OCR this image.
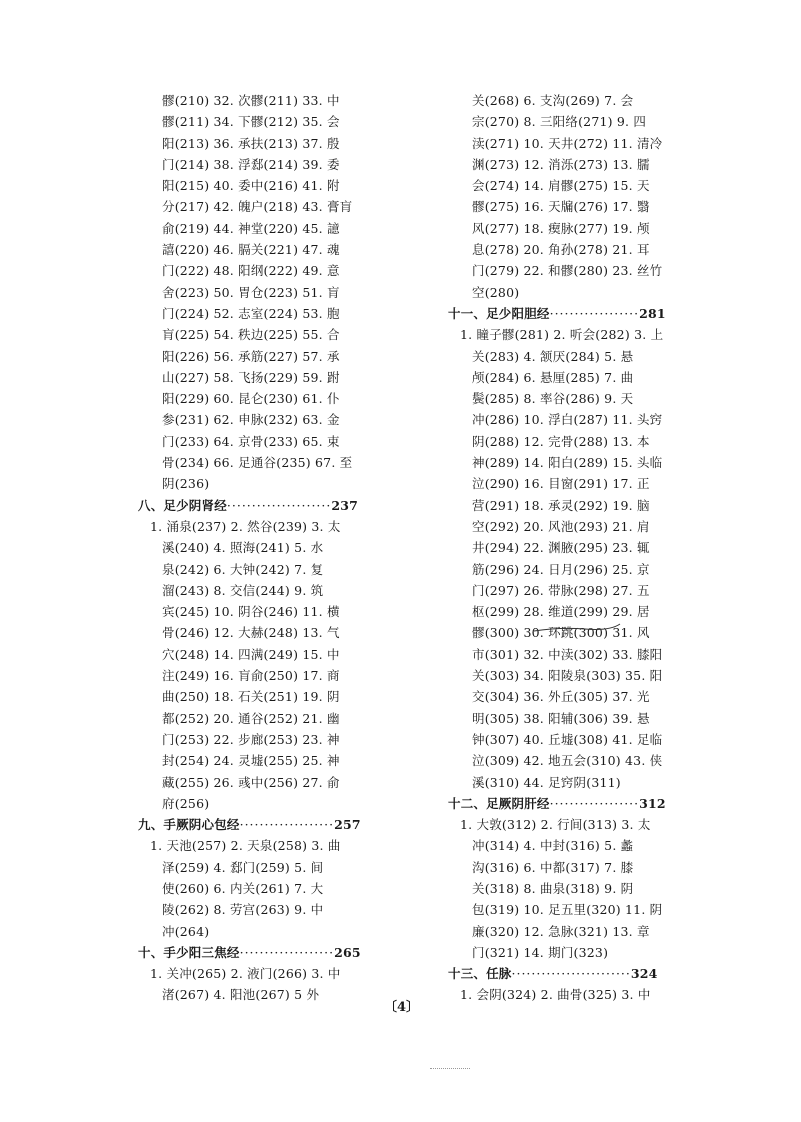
髎(210) 32. 次髎(211) 33. 中
髎(211) 34. 下髎(212) 35. 会
阳(213) 36. 承扶(213) 37. 殷
门(214) 38. 浮郄(214) 39. 委
阳(215) 40. 委中(216) 41. 附
分(217) 42. 魄户(218) 43. 膏肓
俞(219) 44. 神堂(220) 45. 譩
譆(220) 46. 膈关(221) 47. 魂
门(222) 48. 阳纲(222) 49. 意
舍(223) 50. 胃仓(223) 51. 肓
门(224) 52. 志室(224) 53. 胞
肓(225) 54. 秩边(225) 55. 合
阳(226) 56. 承筋(227) 57. 承
山(227) 58. 飞扬(229) 59. 跗
阳(229) 60. 昆仑(230) 61. 仆
参(231) 62. 申脉(232) 63. 金
门(233) 64. 京骨(233) 65. 束
骨(234) 66. 足通谷(235) 67. 至
阴(236)
八、足少阴肾经·····················237
1. 涌泉(237) 2. 然谷(239) 3. 太
溪(240) 4. 照海(241) 5. 水
泉(242) 6. 大钟(242) 7. 复
溜(243) 8. 交信(244) 9. 筑
宾(245) 10. 阴谷(246) 11. 横
骨(246) 12. 大赫(248) 13. 气
穴(248) 14. 四满(249) 15. 中
注(249) 16. 肓俞(250) 17. 商
曲(250) 18. 石关(251) 19. 阴
都(252) 20. 通谷(252) 21. 幽
门(253) 22. 步廊(253) 23. 神
封(254) 24. 灵墟(255) 25. 神
藏(255) 26. 彧中(256) 27. 俞
府(256)
九、手厥阴心包经···················257
1. 天池(257) 2. 天泉(258) 3. 曲
泽(259) 4. 郄门(259) 5. 间
使(260) 6. 内关(261) 7. 大
陵(262) 8. 劳宫(263) 9. 中
冲(264)
十、手少阳三焦经···················265
1. 关冲(265) 2. 液门(266) 3. 中
渚(267) 4. 阳池(267) 5 外
关(268) 6. 支沟(269) 7. 会
宗(270) 8. 三阳络(271) 9. 四
渎(271) 10. 天井(272) 11. 清冷
渊(273) 12. 消泺(273) 13. 臑
会(274) 14. 肩髎(275) 15. 天
髎(275) 16. 天牖(276) 17. 翳
风(277) 18. 瘈脉(277) 19. 颅
息(278) 20. 角孙(278) 21. 耳
门(279) 22. 和髎(280) 23. 丝竹
空(280)
十一、足少阳胆经··················281
1. 瞳子髎(281) 2. 听会(282) 3. 上
关(283) 4. 颔厌(284) 5. 悬
颅(284) 6. 悬厘(285) 7. 曲
鬓(285) 8. 率谷(286) 9. 天
冲(286) 10. 浮白(287) 11. 头窍
阴(288) 12. 完骨(288) 13. 本
神(289) 14. 阳白(289) 15. 头临
泣(290) 16. 目窗(291) 17. 正
营(291) 18. 承灵(292) 19. 脑
空(292) 20. 风池(293) 21. 肩
井(294) 22. 渊腋(295) 23. 辄
筋(296) 24. 日月(296) 25. 京
门(297) 26. 带脉(298) 27. 五
枢(299) 28. 维道(299) 29. 居
髎(300) 30. 环跳(300) 31. 风
市(301) 32. 中渎(302) 33. 膝阳
关(303) 34. 阳陵泉(303) 35. 阳
交(304) 36. 外丘(305) 37. 光
明(305) 38. 阳辅(306) 39. 悬
钟(307) 40. 丘墟(308) 41. 足临
泣(309) 42. 地五会(310) 43. 侠
溪(310) 44. 足窍阴(311)
十二、足厥阴肝经··················312
1. 大敦(312) 2. 行间(313) 3. 太
冲(314) 4. 中封(316) 5. 蠡
沟(316) 6. 中都(317) 7. 膝
关(318) 8. 曲泉(318) 9. 阴
包(319) 10. 足五里(320) 11. 阴
廉(320) 12. 急脉(321) 13. 章
门(321) 14. 期门(323)
十三、任脉························324
1. 会阴(324) 2. 曲骨(325) 3. 中
〔4〕
